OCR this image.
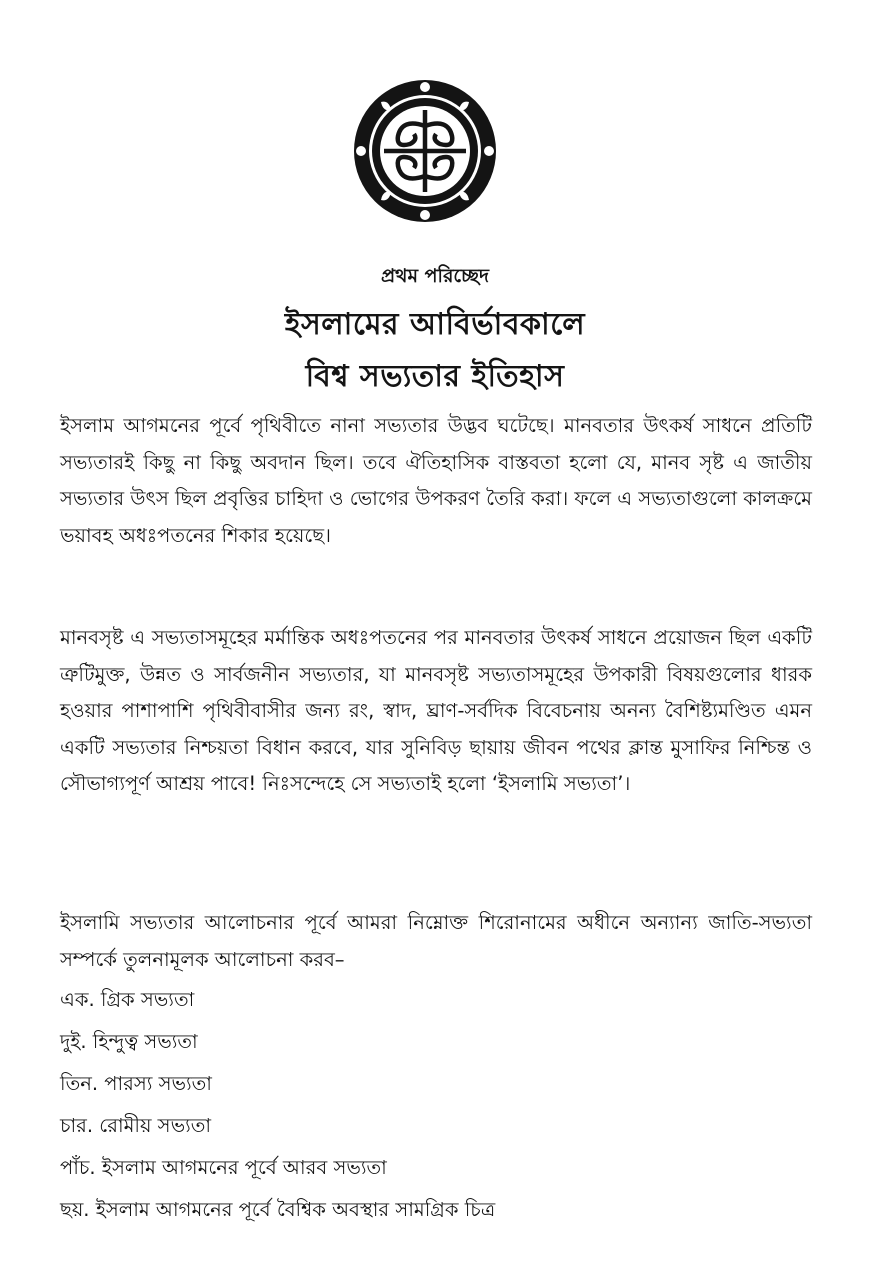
প্রথম পরিচ্ছেদ
ইসলামের আবির্ভাবকালে
বিশ্ব সভ্যতার ইতিহাস

ইসলাম আগমনের পূর্বে পৃথিবীতে নানা সভ্যতার উদ্ভব ঘটেছে। মানবতার উৎকর্ষ সাধনে প্রতিটি সভ্যতারই কিছু না কিছু অবদান ছিল। তবে ঐতিহাসিক বাস্তবতা হলো যে, মানব সৃষ্ট এ জাতীয় সভ্যতার উৎস ছিল প্রবৃত্তির চাহিদা ও ভোগের উপকরণ তৈরি করা। ফলে এ সভ্যতাগুলো কালক্রমে ভয়াবহ অধঃপতনের শিকার হয়েছে।

মানবসৃষ্ট এ সভ্যতাসমূহের মর্মান্তিক অধঃপতনের পর মানবতার উৎকর্ষ সাধনে প্রয়োজন ছিল একটি ত্রুটিমুক্ত, উন্নত ও সার্বজনীন সভ্যতার, যা মানবসৃষ্ট সভ্যতাসমূহের উপকারী বিষয়গুলোর ধারক হওয়ার পাশাপাশি পৃথিবীবাসীর জন্য রং, স্বাদ, ঘ্রাণ-সর্বদিক বিবেচনায় অনন্য বৈশিষ্ট্যমণ্ডিত এমন একটি সভ্যতার নিশ্চয়তা বিধান করবে, যার সুনিবিড় ছায়ায় জীবন পথের ক্লান্ত মুসাফির নিশ্চিন্ত ও সৌভাগ্যপূর্ণ আশ্রয় পাবে! নিঃসন্দেহে সে সভ্যতাই হলো ‘ইসলামি সভ্যতা’।

ইসলামি সভ্যতার আলোচনার পূর্বে আমরা নিম্নোক্ত শিরোনামের অধীনে অন্যান্য জাতি-সভ্যতা সম্পর্কে তুলনামূলক আলোচনা করব–

এক. গ্রিক সভ্যতা
দুই. হিন্দুত্ব সভ্যতা
তিন. পারস্য সভ্যতা
চার. রোমীয় সভ্যতা
পাঁচ. ইসলাম আগমনের পূর্বে আরব সভ্যতা
ছয়. ইসলাম আগমনের পূর্বে বৈশ্বিক অবস্থার সামগ্রিক চিত্র
